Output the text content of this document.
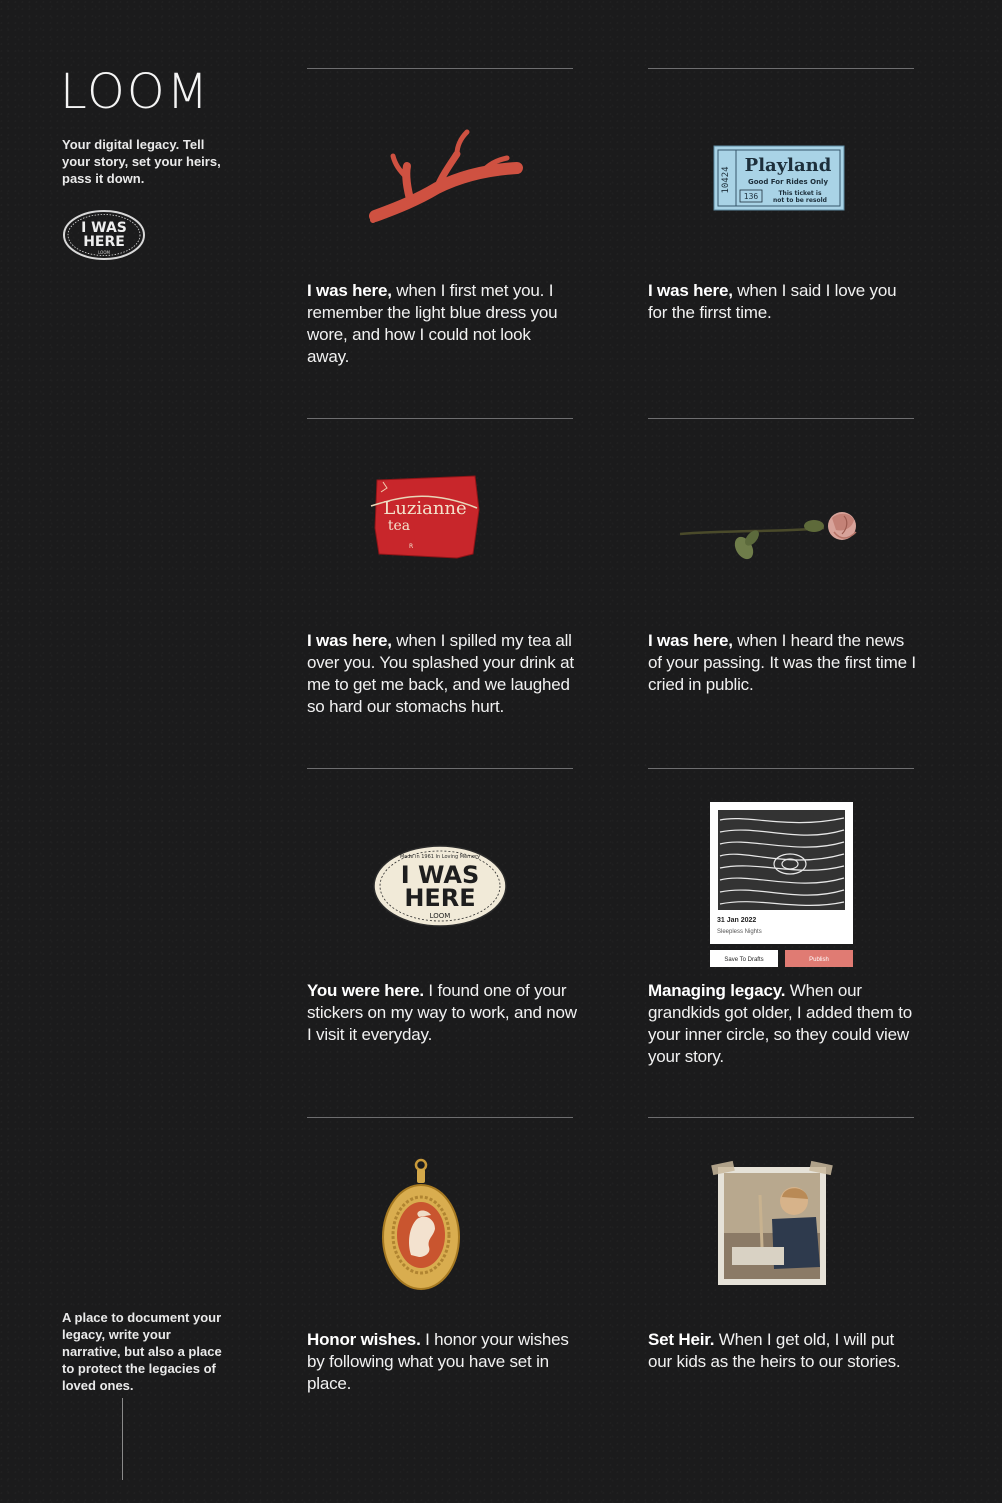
LOOM
Your digital legacy. Tell your story, set your heirs, pass it down.
I WAS
HERE
LOOM
A place to document your legacy, write your narrative, but also a place to protect the legacies of loved ones.
I was here, when I first met you. I remember the light blue dress you wore, and how I could not look away.
10424
Playland
Good For Rides Only
136	This ticket is
not to be resold
I was here, when I said I love you for the firrst time.
Luzianne
tea
R
I was here, when I spilled my tea all over you. You splashed your drink at me to get me back, and we laughed so hard our stomachs hurt.
I was here, when I heard the news of your passing. It was the first time I cried in public.
Made in 1961 In Loving Memory
I WAS
HERE
LOOM
You were here. I found one of your stickers on my way to work, and now I visit it everyday.
31 Jan 2022
Sleepless Nights
Save To Drafts	Publish
Managing legacy. When our grandkids got older, I added them to your inner circle, so they could view your story.
Honor wishes. I honor your wishes by following what you have set in place.
Set Heir. When I get old, I will put our kids as the heirs to our stories.
